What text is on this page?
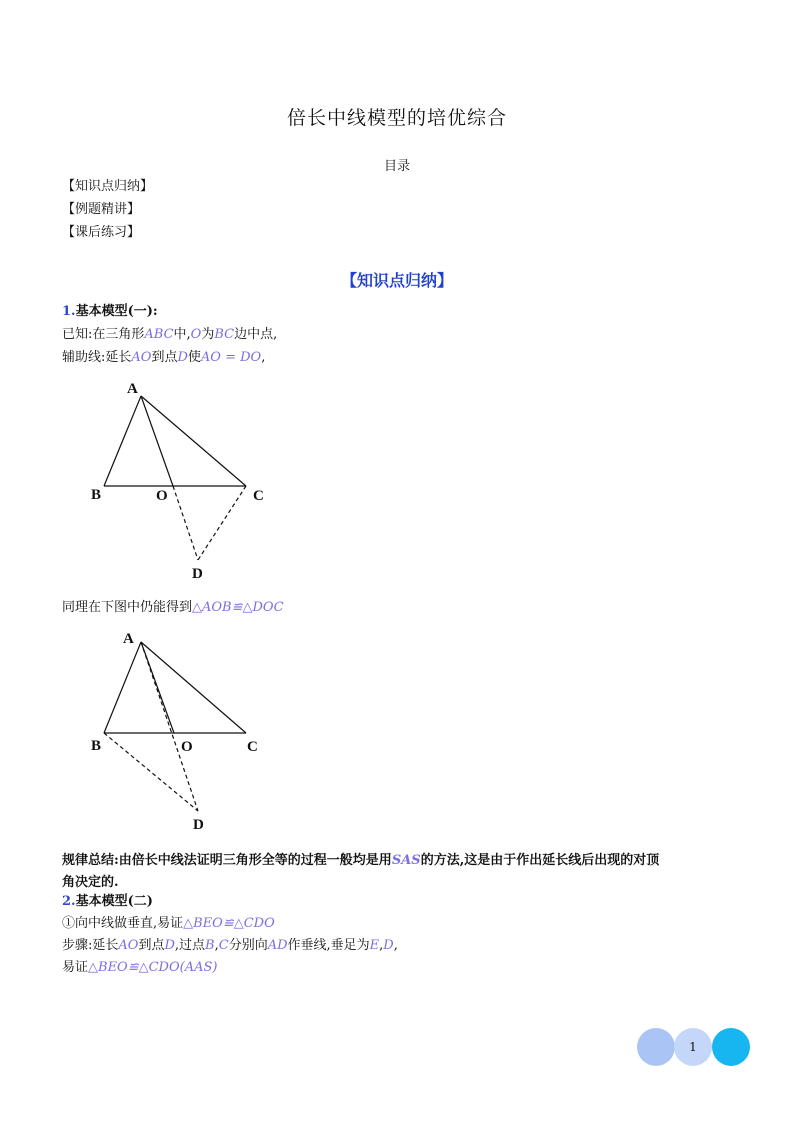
倍长中线模型的培优综合
目录
【知识点归纳】
【例题精讲】
【课后练习】
【知识点归纳】
1.基本模型(一):
已知:在三角形ABC中,O为BC边中点,
辅助线:延长AO到点D使AO = DO,
A
B	O	C
D
同理在下图中仍能得到△AOB≌△DOC
A
B	O	C
D
规律总结:由倍长中线法证明三角形全等的过程一般均是用SAS的方法,这是由于作出延长线后出现的对顶
角决定的.
2.基本模型(二)
①向中线做垂直,易证△BEO≌△CDO
步骤:延长AO到点D,过点B,C分别向AD作垂线,垂足为E,D,
易证△BEO≌△CDO(AAS)
1
